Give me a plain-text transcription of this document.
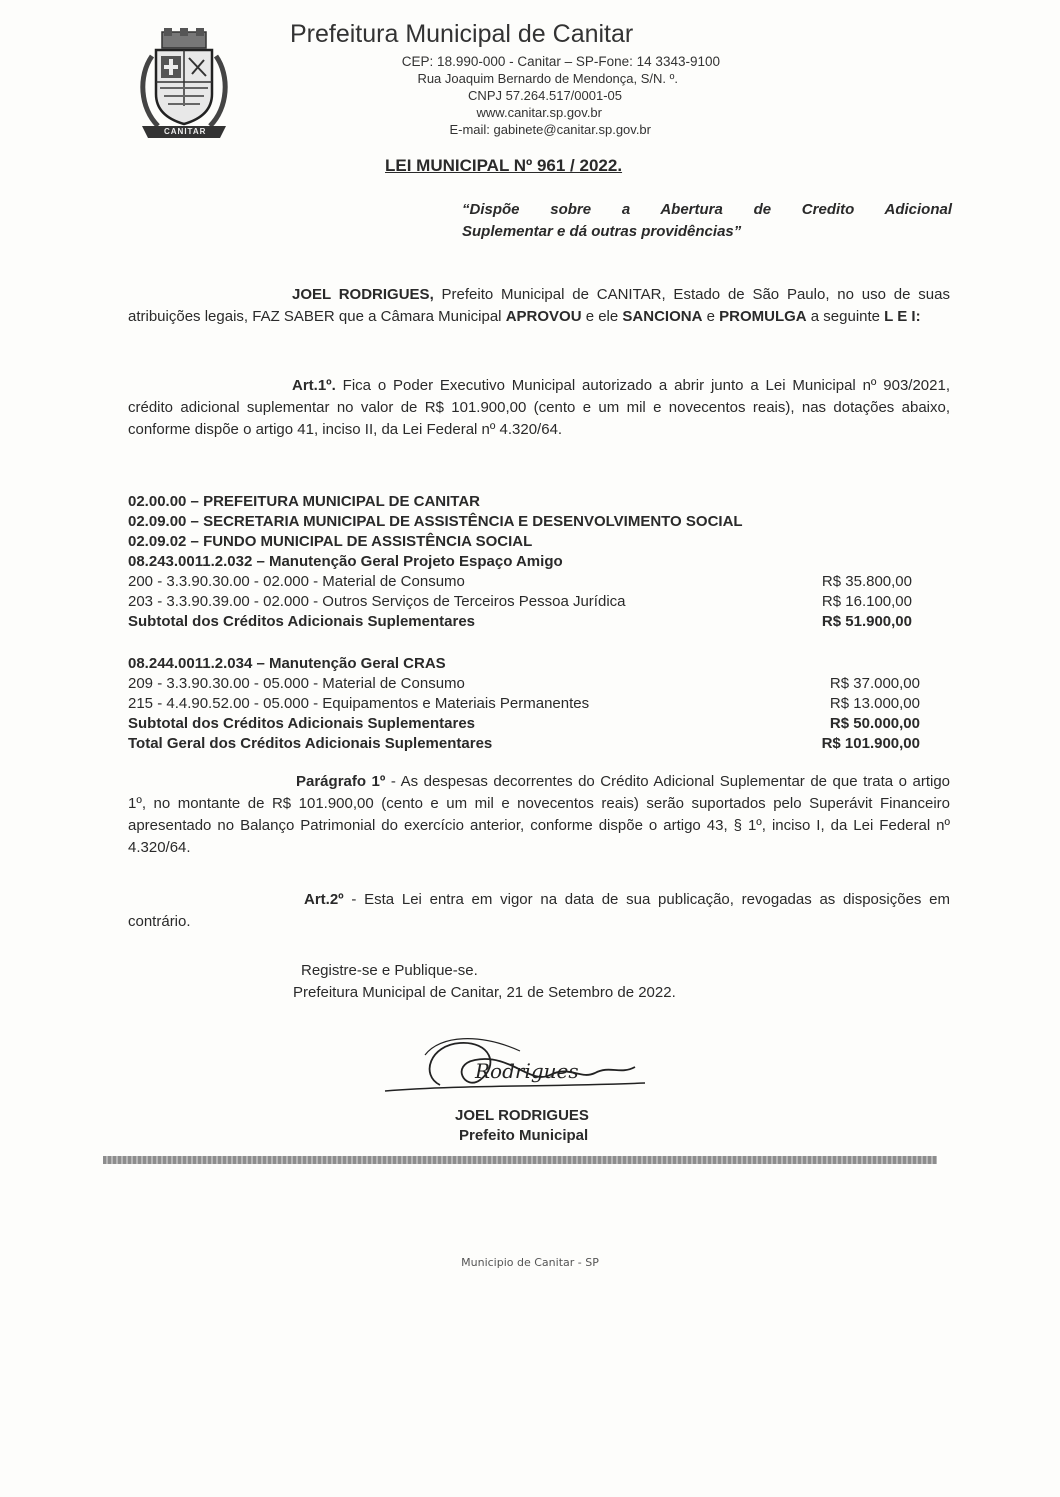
CANITAR
Prefeitura Municipal de Canitar
CEP: 18.990-000 - Canitar – SP-Fone: 14 3343-9100
Rua Joaquim Bernardo de Mendonça, S/N. º.
CNPJ 57.264.517/0001-05
www.canitar.sp.gov.br
E-mail: gabinete@canitar.sp.gov.br
LEI MUNICIPAL Nº 961 / 2022.
“Dispõe sobre a Abertura de Credito Adicional
Suplementar e dá outras providências”
JOEL RODRIGUES, Prefeito Municipal de CANITAR, Estado de São Paulo, no uso de suas atribuições legais, FAZ SABER que a Câmara Municipal APROVOU e ele SANCIONA e PROMULGA a seguinte L E I:
Art.1º. Fica o Poder Executivo Municipal autorizado a abrir junto a Lei Municipal nº 903/2021, crédito adicional suplementar no valor de R$ 101.900,00 (cento e um mil e novecentos reais), nas dotações abaixo, conforme dispõe o artigo 41, inciso II, da Lei Federal nº 4.320/64.
02.00.00 – PREFEITURA MUNICIPAL DE CANITAR
02.09.00 – SECRETARIA MUNICIPAL DE ASSISTÊNCIA E DESENVOLVIMENTO SOCIAL
02.09.02 – FUNDO MUNICIPAL DE ASSISTÊNCIA SOCIAL
08.243.0011.2.032 – Manutenção Geral Projeto Espaço Amigo
200 - 3.3.90.30.00 - 02.000 - Material de Consumo	R$ 35.800,00
203 - 3.3.90.39.00 - 02.000 - Outros Serviços de Terceiros Pessoa Jurídica	R$ 16.100,00
Subtotal dos Créditos Adicionais Suplementares	R$ 51.900,00
08.244.0011.2.034 – Manutenção Geral CRAS
209 - 3.3.90.30.00 - 05.000 - Material de Consumo	R$ 37.000,00
215 - 4.4.90.52.00 - 05.000 - Equipamentos e Materiais Permanentes	R$ 13.000,00
Subtotal dos Créditos Adicionais Suplementares	R$ 50.000,00
Total Geral dos Créditos Adicionais Suplementares	R$ 101.900,00
Parágrafo 1º - As despesas decorrentes do Crédito Adicional Suplementar de que trata o artigo 1º, no montante de R$ 101.900,00 (cento e um mil e novecentos reais) serão suportados pelo Superávit Financeiro apresentado no Balanço Patrimonial do exercício anterior, conforme dispõe o artigo 43, § 1º, inciso I, da Lei Federal nº 4.320/64.
Art.2º - Esta Lei entra em vigor na data de sua publicação, revogadas as disposições em contrário.
Registre-se e Publique-se.
Prefeitura Municipal de Canitar, 21 de Setembro de 2022.
Rodrigues
JOEL RODRIGUES
Prefeito Municipal
Municipio de Canitar - SP
